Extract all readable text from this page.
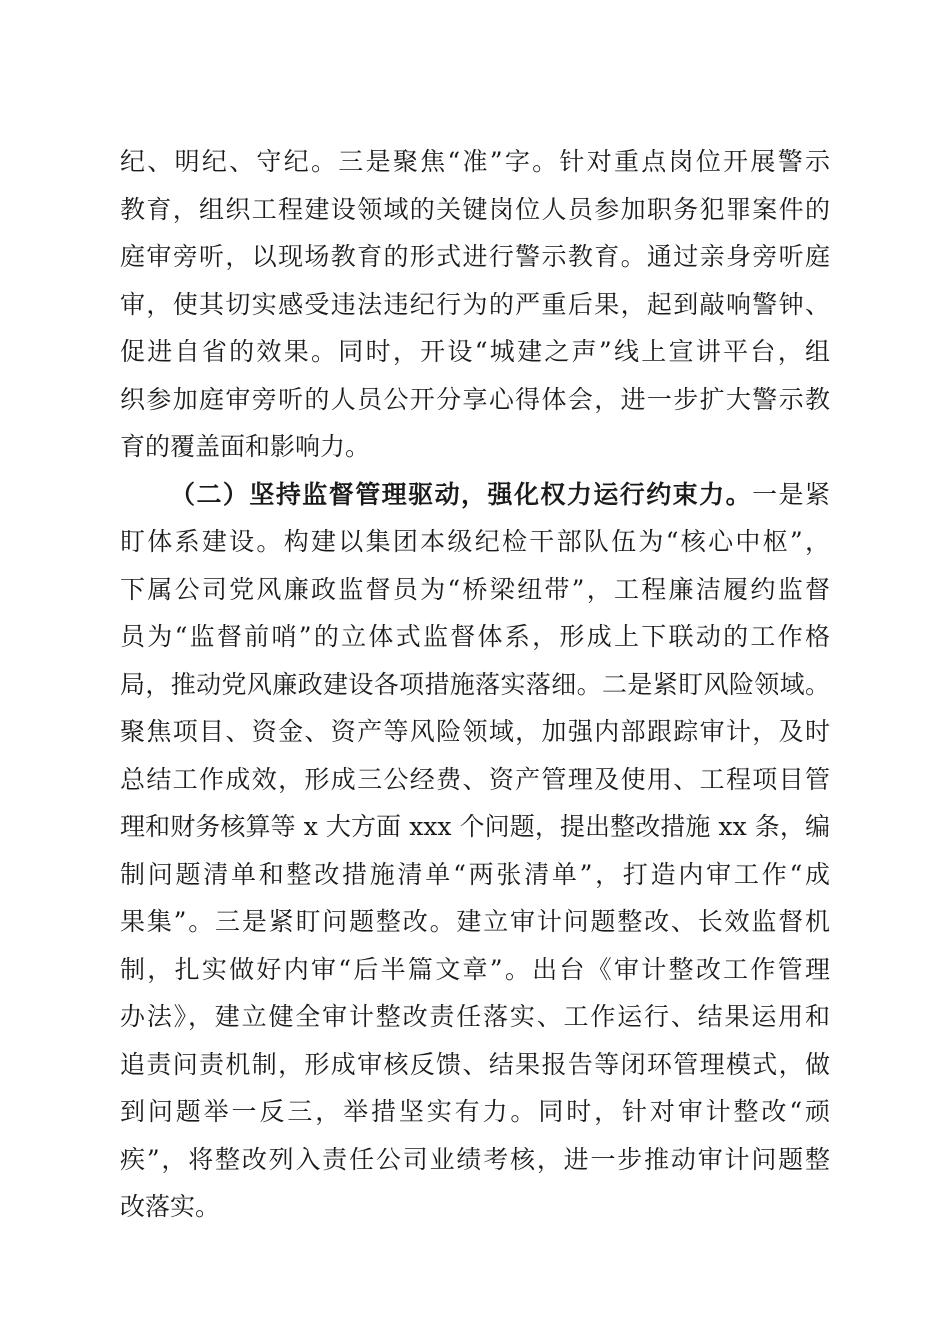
纪、明纪、守纪。三是聚焦“准”字。针对重点岗位开展警示
教育，组织工程建设领域的关键岗位人员参加职务犯罪案件的
庭审旁听，以现场教育的形式进行警示教育。通过亲身旁听庭
审，使其切实感受违法违纪行为的严重后果，起到敲响警钟、
促进自省的效果。同时，开设“城建之声”线上宣讲平台，组
织参加庭审旁听的人员公开分享心得体会，进一步扩大警示教
育的覆盖面和影响力。
（二）坚持监督管理驱动，强化权力运行约束力。一是紧
盯体系建设。构建以集团本级纪检干部队伍为“核心中枢”，
下属公司党风廉政监督员为“桥梁纽带”，工程廉洁履约监督
员为“监督前哨”的立体式监督体系，形成上下联动的工作格
局，推动党风廉政建设各项措施落实落细。二是紧盯风险领域。
聚焦项目、资金、资产等风险领域，加强内部跟踪审计，及时
总结工作成效，形成三公经费、资产管理及使用、工程项目管
理和财务核算等 x 大方面 xxx 个问题，提出整改措施 xx 条，编
制问题清单和整改措施清单“两张清单”，打造内审工作“成
果集”。三是紧盯问题整改。建立审计问题整改、长效监督机
制，扎实做好内审“后半篇文章”。出台《审计整改工作管理
办法》，建立健全审计整改责任落实、工作运行、结果运用和
追责问责机制，形成审核反馈、结果报告等闭环管理模式，做
到问题举一反三，举措坚实有力。同时，针对审计整改“顽
疾”，将整改列入责任公司业绩考核，进一步推动审计问题整
改落实。
